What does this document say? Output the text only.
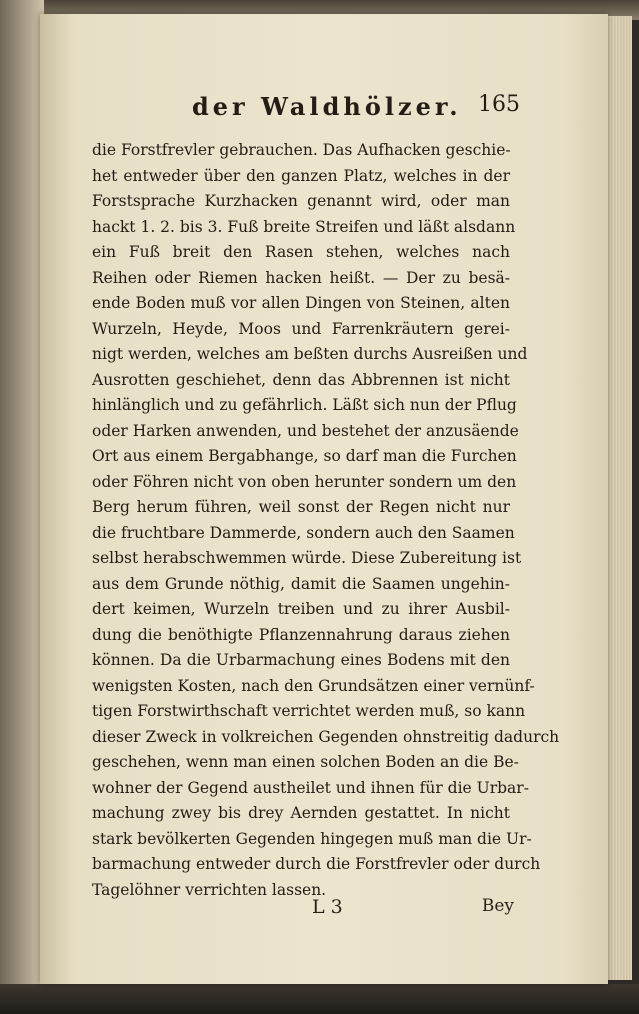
der Waldhölzer. 165
die Forstfrevler gebrauchen. Das Aufhacken geschie-
het entweder über den ganzen Platz, welches in der
Forstsprache Kurzhacken genannt wird, oder man
hackt 1. 2. bis 3. Fuß breite Streifen und läßt alsdann
ein Fuß breit den Rasen stehen, welches nach
Reihen oder Riemen hacken heißt. — Der zu besä-
ende Boden muß vor allen Dingen von Steinen, alten
Wurzeln, Heyde, Moos und Farrenkräutern gerei-
nigt werden, welches am beßten durchs Ausreißen und
Ausrotten geschiehet, denn das Abbrennen ist nicht
hinlänglich und zu gefährlich. Läßt sich nun der Pflug
oder Harken anwenden, und bestehet der anzusäende
Ort aus einem Bergabhange, so darf man die Furchen
oder Föhren nicht von oben herunter sondern um den
Berg herum führen, weil sonst der Regen nicht nur
die fruchtbare Dammerde, sondern auch den Saamen
selbst herabschwemmen würde. Diese Zubereitung ist
aus dem Grunde nöthig, damit die Saamen ungehin-
dert keimen, Wurzeln treiben und zu ihrer Ausbil-
dung die benöthigte Pflanzennahrung daraus ziehen
können. Da die Urbarmachung eines Bodens mit den
wenigsten Kosten, nach den Grundsätzen einer vernünf-
tigen Forstwirthschaft verrichtet werden muß, so kann
dieser Zweck in volkreichen Gegenden ohnstreitig dadurch
geschehen, wenn man einen solchen Boden an die Be-
wohner der Gegend austheilet und ihnen für die Urbar-
machung zwey bis drey Aernden gestattet. In nicht
stark bevölkerten Gegenden hingegen muß man die Ur-
barmachung entweder durch die Forstfrevler oder durch
Tagelöhner verrichten lassen.
L 3	Bey
